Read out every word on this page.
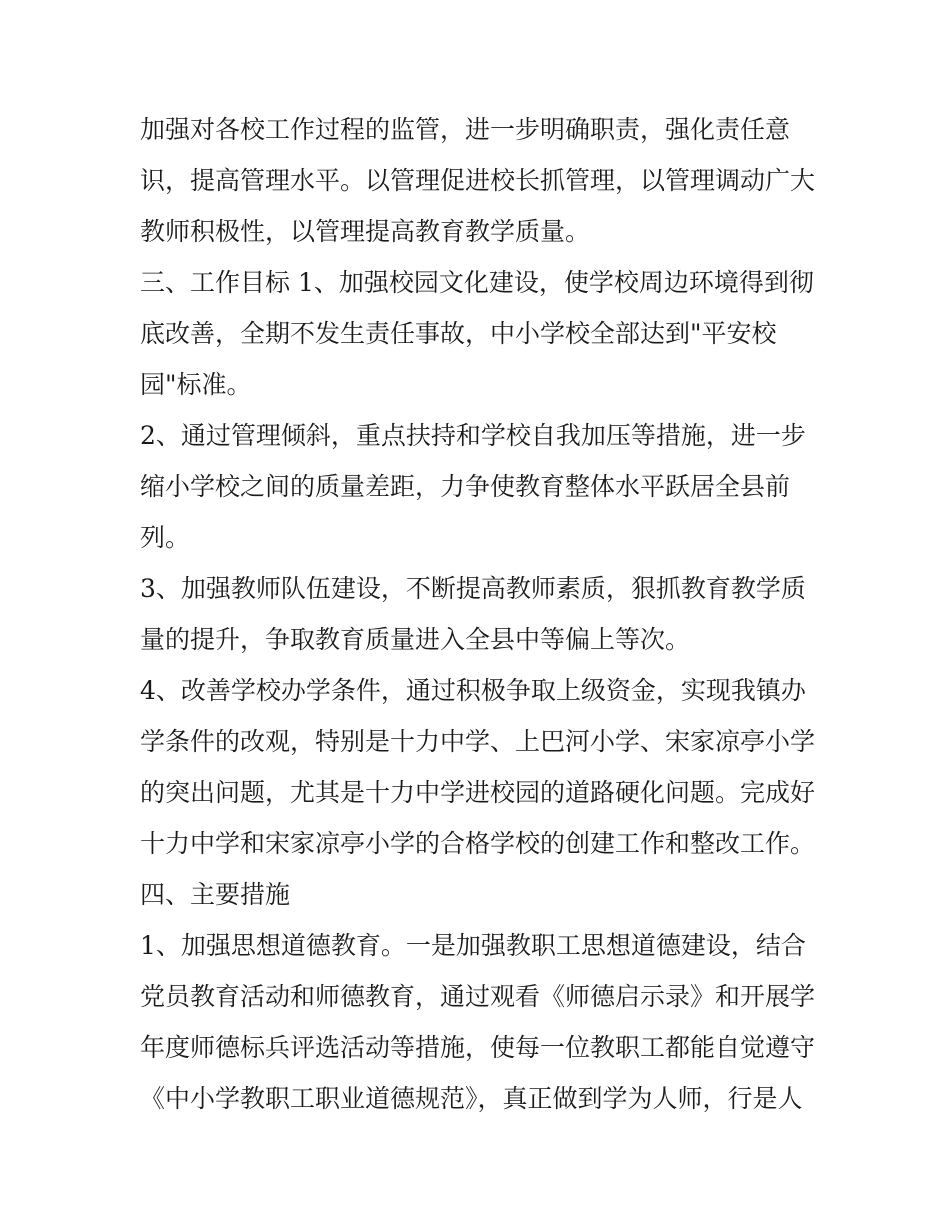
加强对各校工作过程的监管，进一步明确职责，强化责任意
识，提高管理水平。以管理促进校长抓管理，以管理调动广大
教师积极性，以管理提高教育教学质量。
三、工作目标 1、加强校园文化建设，使学校周边环境得到彻
底改善，全期不发生责任事故，中小学校全部达到"平安校
园"标准。
2、通过管理倾斜，重点扶持和学校自我加压等措施，进一步
缩小学校之间的质量差距，力争使教育整体水平跃居全县前
列。
3、加强教师队伍建设，不断提高教师素质，狠抓教育教学质
量的提升，争取教育质量进入全县中等偏上等次。
4、改善学校办学条件，通过积极争取上级资金，实现我镇办
学条件的改观，特别是十力中学、上巴河小学、宋家凉亭小学
的突出问题，尤其是十力中学进校园的道路硬化问题。完成好
十力中学和宋家凉亭小学的合格学校的创建工作和整改工作。
四、主要措施
1、加强思想道德教育。一是加强教职工思想道德建设，结合
党员教育活动和师德教育，通过观看《师德启示录》和开展学
年度师德标兵评选活动等措施，使每一位教职工都能自觉遵守
《中小学教职工职业道德规范》，真正做到学为人师，行是人
